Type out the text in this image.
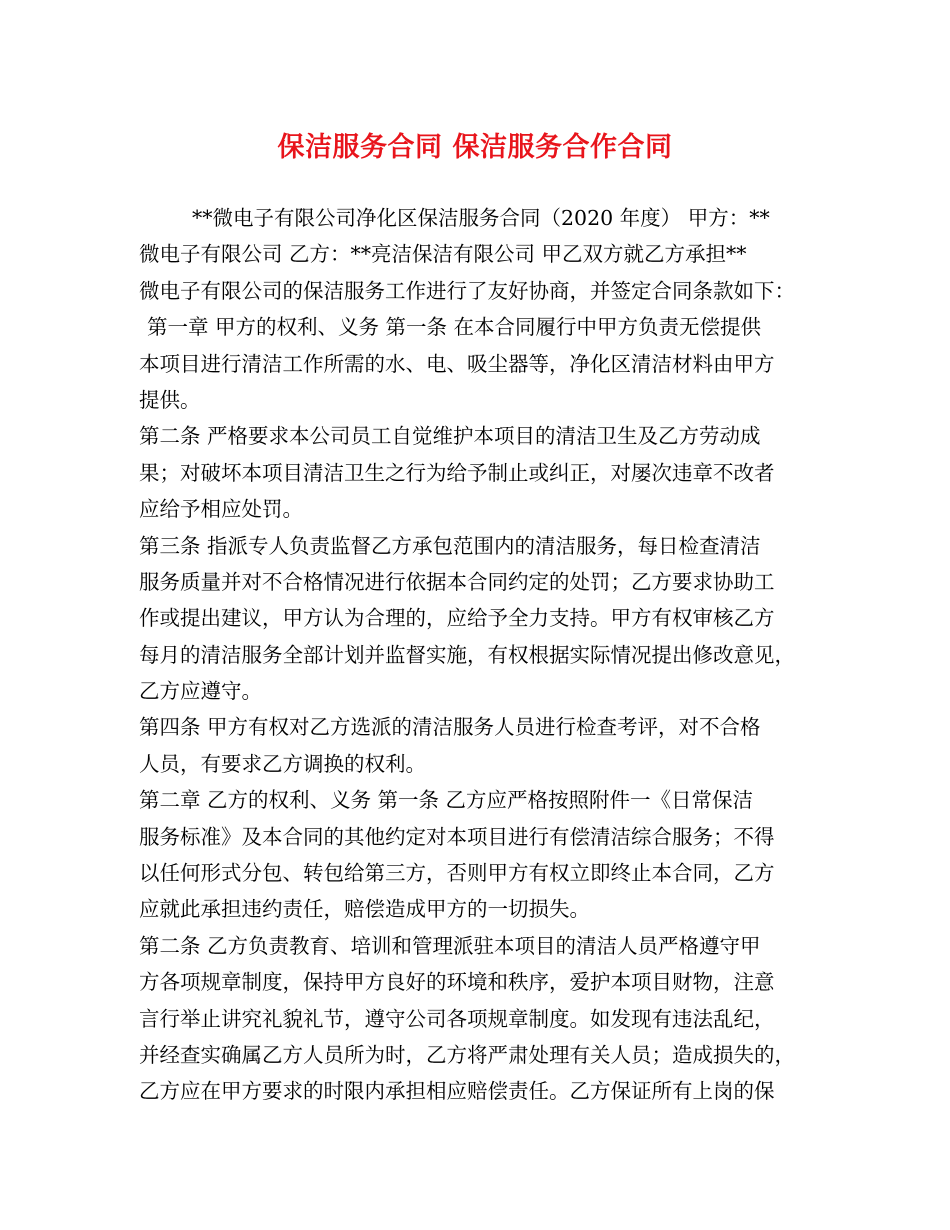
保洁服务合同 保洁服务合作合同
**微电子有限公司净化区保洁服务合同（2020 年度） 甲方：**
微电子有限公司 乙方：**亮洁保洁有限公司 甲乙双方就乙方承担**
微电子有限公司的保洁服务工作进行了友好协商，并签定合同条款如下：
第一章 甲方的权利、义务 第一条 在本合同履行中甲方负责无偿提供
本项目进行清洁工作所需的水、电、吸尘器等，净化区清洁材料由甲方
提供。
第二条 严格要求本公司员工自觉维护本项目的清洁卫生及乙方劳动成
果；对破坏本项目清洁卫生之行为给予制止或纠正，对屡次违章不改者
应给予相应处罚。
第三条 指派专人负责监督乙方承包范围内的清洁服务，每日检查清洁
服务质量并对不合格情况进行依据本合同约定的处罚；乙方要求协助工
作或提出建议，甲方认为合理的，应给予全力支持。甲方有权审核乙方
每月的清洁服务全部计划并监督实施，有权根据实际情况提出修改意见，
乙方应遵守。
第四条 甲方有权对乙方选派的清洁服务人员进行检查考评，对不合格
人员，有要求乙方调换的权利。
第二章 乙方的权利、义务 第一条 乙方应严格按照附件一《日常保洁
服务标准》及本合同的其他约定对本项目进行有偿清洁综合服务；不得
以任何形式分包、转包给第三方，否则甲方有权立即终止本合同，乙方
应就此承担违约责任，赔偿造成甲方的一切损失。
第二条 乙方负责教育、培训和管理派驻本项目的清洁人员严格遵守甲
方各项规章制度，保持甲方良好的环境和秩序，爱护本项目财物，注意
言行举止讲究礼貌礼节，遵守公司各项规章制度。如发现有违法乱纪，
并经查实确属乙方人员所为时，乙方将严肃处理有关人员；造成损失的，
乙方应在甲方要求的时限内承担相应赔偿责任。乙方保证所有上岗的保
